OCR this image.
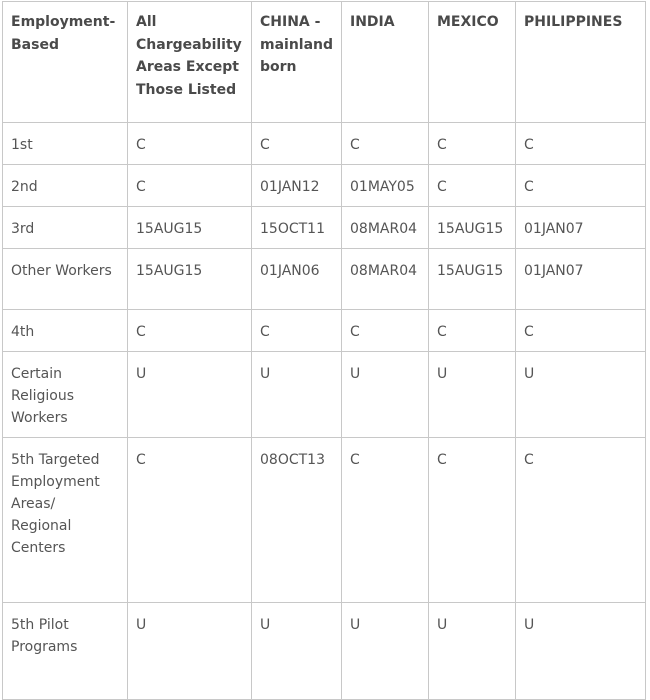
Employment-Based	All Chargeability Areas Except Those Listed	CHINA - mainland born	INDIA	MEXICO	PHILIPPINES
1st	C	C	C	C	C
2nd	C	01JAN12	01MAY05	C	C
3rd	15AUG15	15OCT11	08MAR04	15AUG15	01JAN07
Other Workers	15AUG15	01JAN06	08MAR04	15AUG15	01JAN07
4th	C	C	C	C	C
Certain Religious Workers	U	U	U	U	U
5th Targeted Employment Areas/ Regional Centers	C	08OCT13	C	C	C
5th Pilot Programs	U	U	U	U	U
